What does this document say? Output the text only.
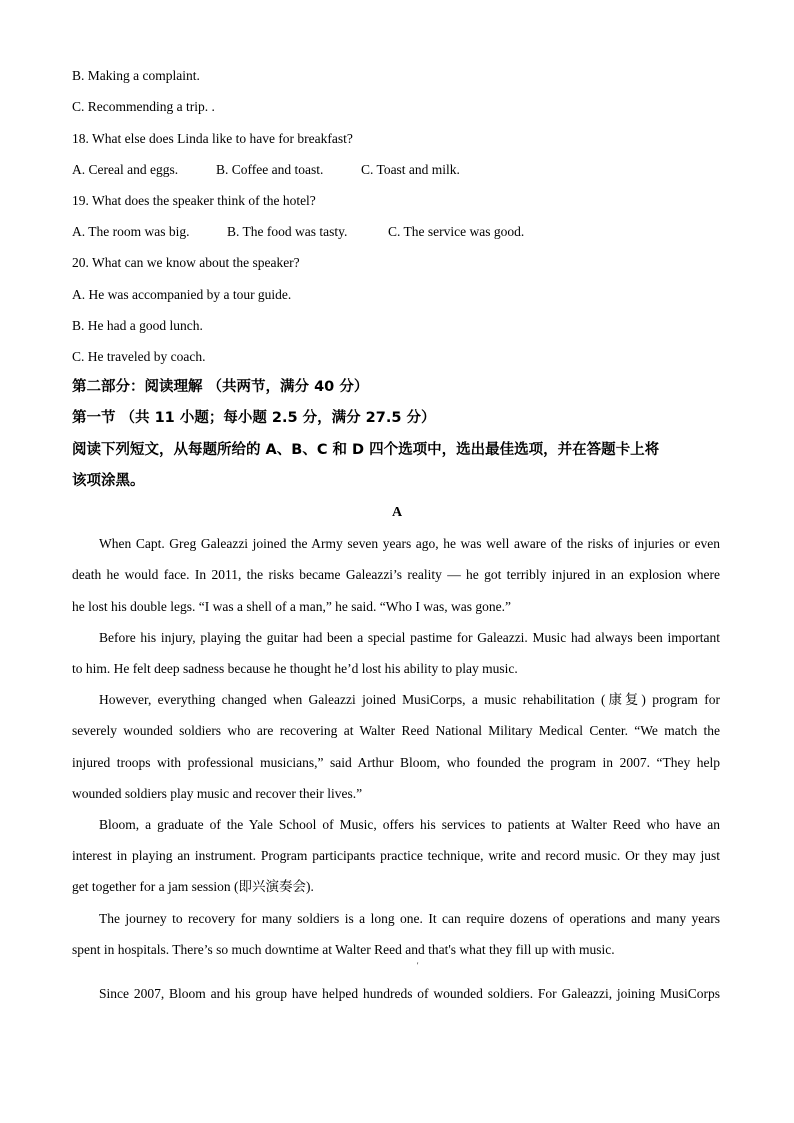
B. Making a complaint.
C. Recommending a trip. .
18. What else does Linda like to have for breakfast?
A. Cereal and eggs.	B. Coffee and toast.	C. Toast and milk.
19. What does the speaker think of the hotel?
A. The room was big.	B. The food was tasty.	C. The service was good.
20. What can we know about the speaker?
A. He was accompanied by a tour guide.
B. He had a good lunch.
C. He traveled by coach.
第二部分：阅读理解 （共两节，满分 40 分）
第一节 （共 11 小题；每小题 2.5 分，满分 27.5 分）
阅读下列短文，从每题所给的 A、B、C 和 D 四个选项中，选出最佳选项，并在答题卡上将
该项涂黑。
A
When Capt. Greg Galeazzi joined the Army seven years ago, he was well aware of the risks of injuries or even
death he would face. In 2011, the risks became Galeazzi’s reality — he got terribly injured in an explosion where
he lost his double legs. “I was a shell of a man,” he said. “Who I was, was gone.”
Before his injury, playing the guitar had been a special pastime for Galeazzi. Music had always been important
to him. He felt deep sadness because he thought he’d lost his ability to play music.
However, everything changed when Galeazzi joined MusiCorps, a music rehabilitation (康复) program for
severely wounded soldiers who are recovering at Walter Reed National Military Medical Center. “We match the
injured troops with professional musicians,” said Arthur Bloom, who founded the program in 2007. “They help
wounded soldiers play music and recover their lives.”
Bloom, a graduate of the Yale School of Music, offers his services to patients at Walter Reed who have an
interest in playing an instrument. Program participants practice technique, write and record music. Or they may just
get together for a jam session (即兴演奏会).
The journey to recovery for many soldiers is a long one. It can require dozens of operations and many years
spent in hospitals. There’s so much downtime at Walter Reed and that's what they fill up with music.
'
Since 2007, Bloom and his group have helped hundreds of wounded soldiers. For Galeazzi, joining MusiCorps
